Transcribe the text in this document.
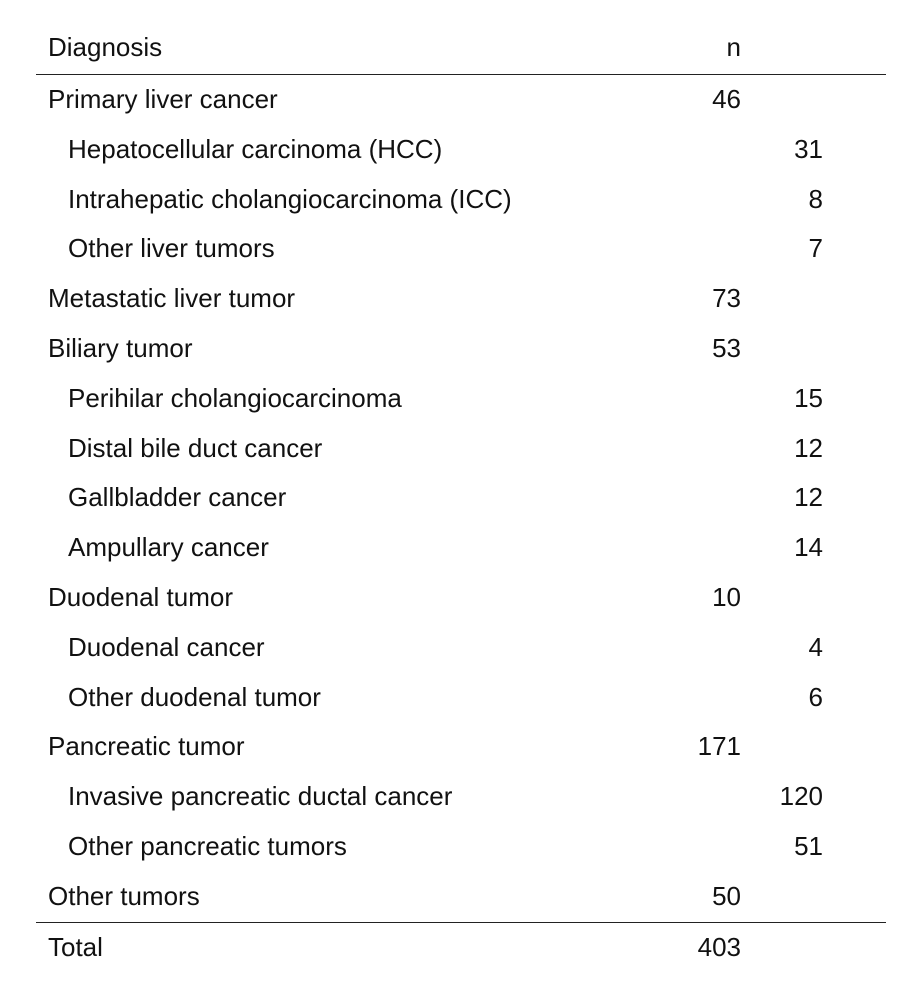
Diagnosis	n
Primary liver cancer	46
Hepatocellular carcinoma (HCC)	31
Intrahepatic cholangiocarcinoma (ICC)	8
Other liver tumors	7
Metastatic liver tumor	73
Biliary tumor	53
Perihilar cholangiocarcinoma	15
Distal bile duct cancer	12
Gallbladder cancer	12
Ampullary cancer	14
Duodenal tumor	10
Duodenal cancer	4
Other duodenal tumor	6
Pancreatic tumor	171
Invasive pancreatic ductal cancer	120
Other pancreatic tumors	51
Other tumors	50
Total	403
